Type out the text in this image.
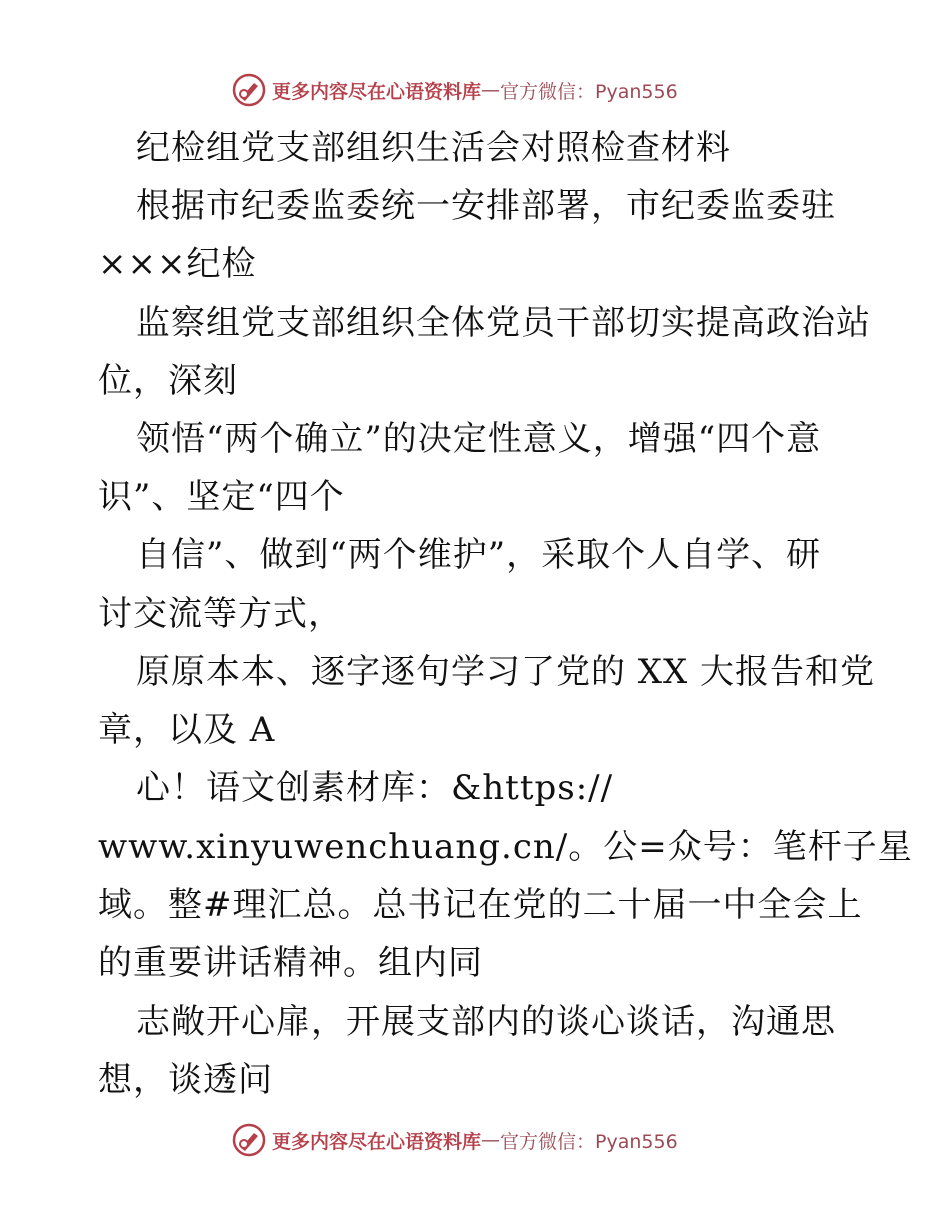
更多内容尽在心语资料库 — 官方微信：Pyan556
纪检组党支部组织生活会对照检查材料
根据市纪委监委统一安排部署，市纪委监委驻
×××纪检
监察组党支部组织全体党员干部切实提高政治站
位，深刻
领悟“两个确立”的决定性意义，增强“四个意
识”、坚定“四个
自信”、做到“两个维护”，采取个人自学、研
讨交流等方式，
原原本本、逐字逐句学习了党的 XX 大报告和党
章，以及 A
心！语文创素材库：&https://
www.xinyuwenchuang.cn/。公=众号：笔杆子星
域。整#理汇总。总书记在党的二十届一中全会上
的重要讲话精神。组内同
志敞开心扉，开展支部内的谈心谈话，沟通思
想，谈透问
更多内容尽在心语资料库 — 官方微信：Pyan556
